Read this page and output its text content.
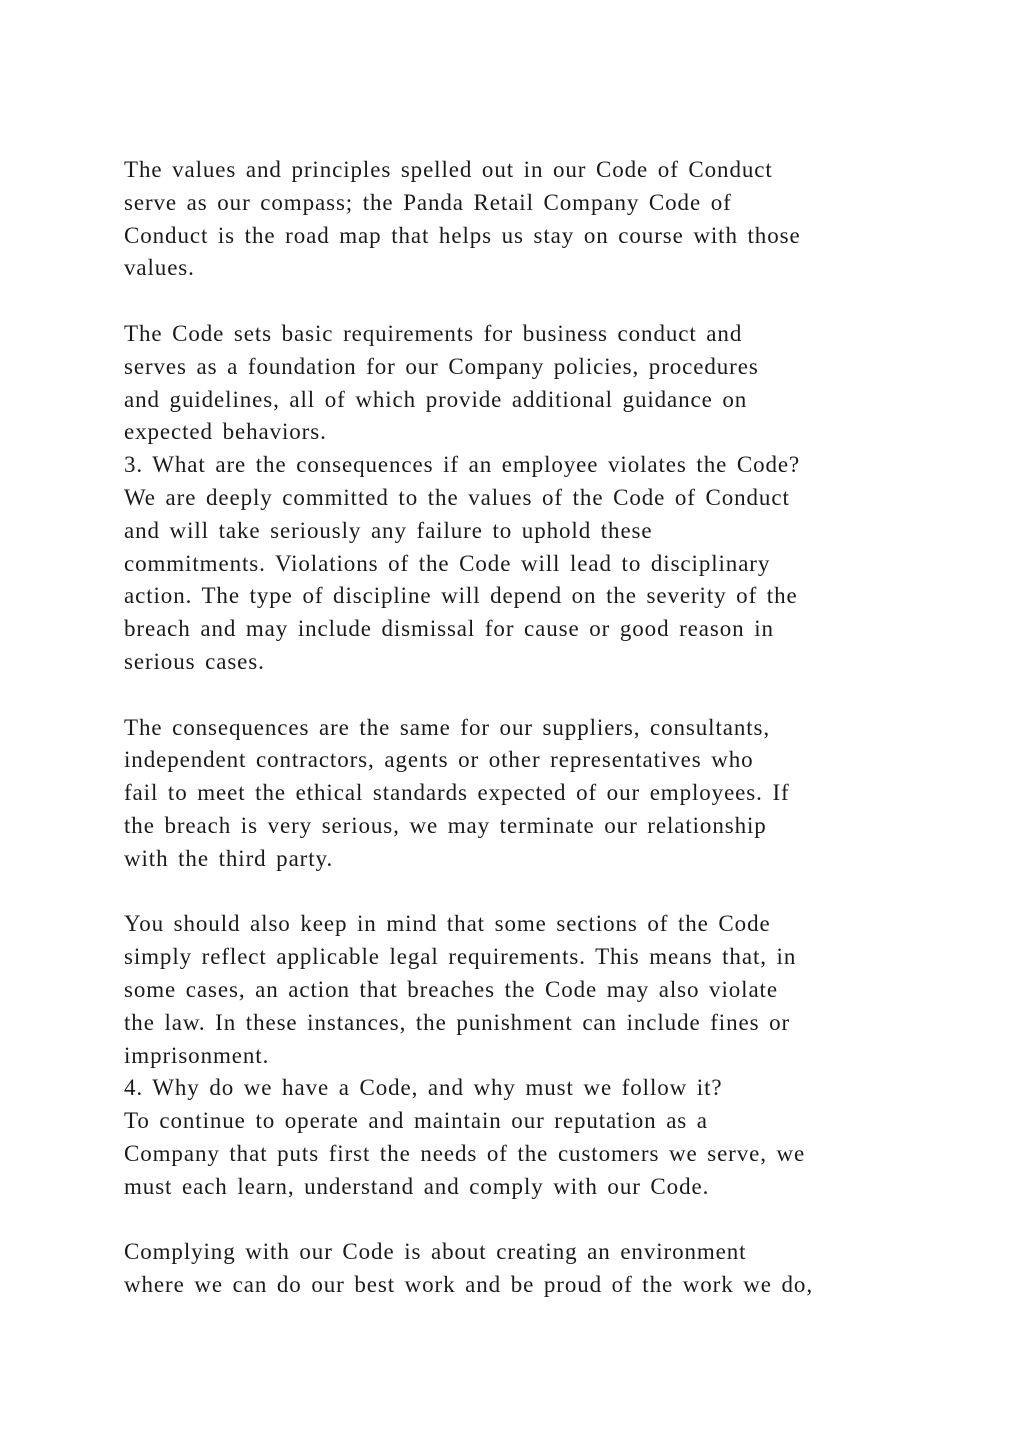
The values and principles spelled out in our Code of Conduct
serve as our compass; the Panda Retail Company Code of
Conduct is the road map that helps us stay on course with those
values.
The Code sets basic requirements for business conduct and
serves as a foundation for our Company policies, procedures
and guidelines, all of which provide additional guidance on
expected behaviors.
3. What are the consequences if an employee violates the Code?
We are deeply committed to the values of the Code of Conduct
and will take seriously any failure to uphold these
commitments. Violations of the Code will lead to disciplinary
action. The type of discipline will depend on the severity of the
breach and may include dismissal for cause or good reason in
serious cases.
The consequences are the same for our suppliers, consultants,
independent contractors, agents or other representatives who
fail to meet the ethical standards expected of our employees. If
the breach is very serious, we may terminate our relationship
with the third party.
You should also keep in mind that some sections of the Code
simply reflect applicable legal requirements. This means that, in
some cases, an action that breaches the Code may also violate
the law. In these instances, the punishment can include fines or
imprisonment.
4. Why do we have a Code, and why must we follow it?
To continue to operate and maintain our reputation as a
Company that puts first the needs of the customers we serve, we
must each learn, understand and comply with our Code.
Complying with our Code is about creating an environment
where we can do our best work and be proud of the work we do,
